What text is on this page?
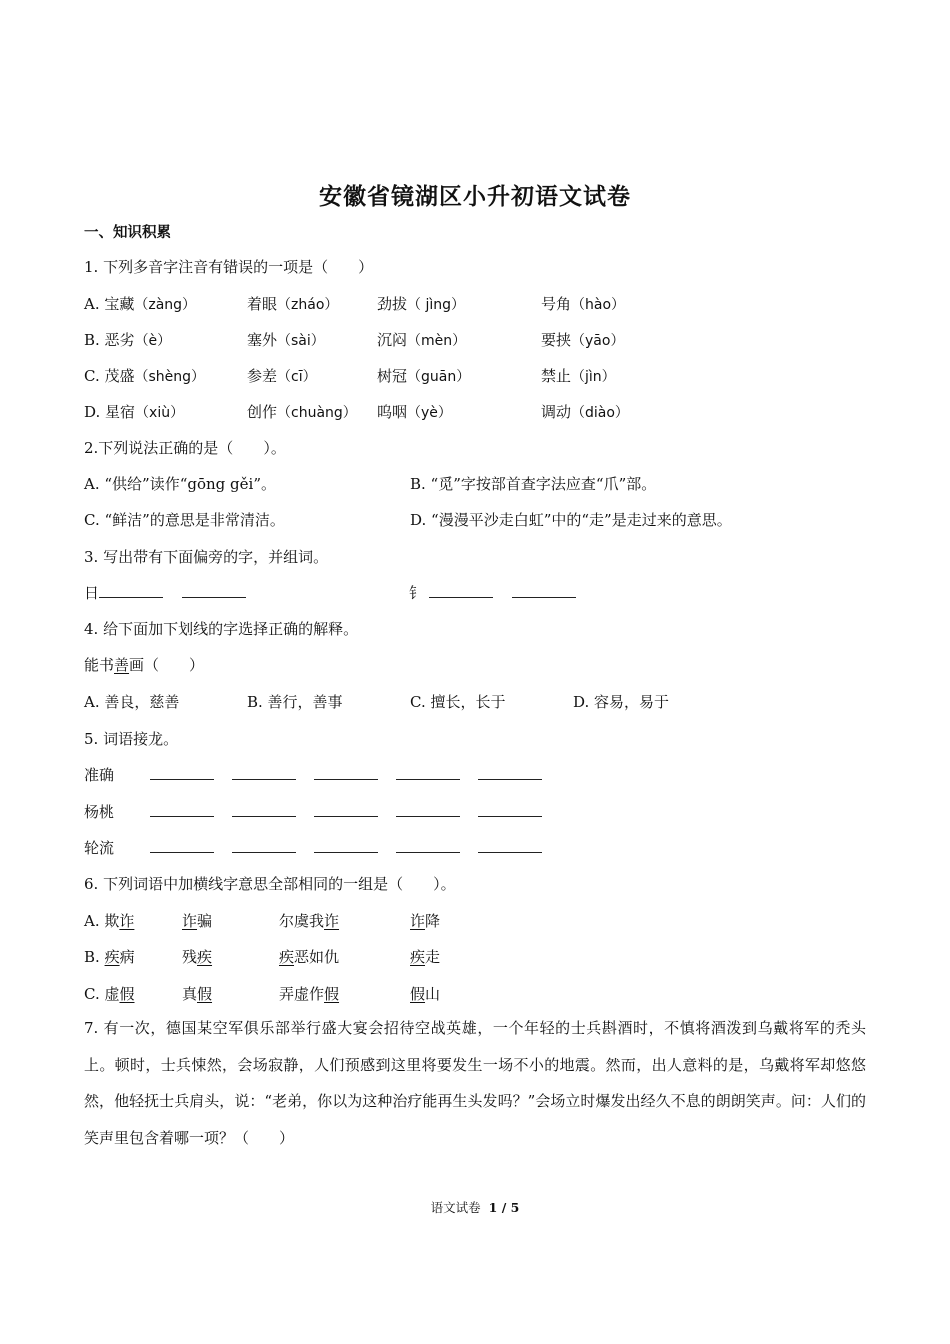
安徽省镜湖区小升初语文试卷
一、知识积累
1. 下列多音字注音有错误的一项是（　　）
A. 宝藏（zàng）	着眼（zháo）	劲拔（ jìng）	号角（hào）
B. 恶劣（è）	塞外（sài）	沉闷（mèn）	要挟（yāo）
C. 茂盛（shèng）	参差（cī）	树冠（guān）	禁止（jìn）
D. 星宿（xiù）	创作（chuàng） 呜咽（yè）	调动（diào）
2.下列说法正确的是（　　）。
A. “供给”读作“gōng gěi”。	B. “觅”字按部首查字法应查“爪”部。
C. “鲜洁”的意思是非常清洁。	D. “漫漫平沙走白虹”中的“走”是走过来的意思。
3. 写出带有下面偏旁的字，并组词。
日	钅
4. 给下面加下划线的字选择正确的解释。
能书善画（　　）
A. 善良，慈善	B. 善行，善事	C. 擅长，长于	D. 容易，易于
5. 词语接龙。
准确
杨桃
轮流
6. 下列词语中加横线字意思全部相同的一组是（　　）。
A. 欺诈	诈骗	尔虞我诈	诈降
B. 疾病	残疾	疾恶如仇	疾走
C. 虚假	真假	弄虚作假	假山
7. 有一次，德国某空军俱乐部举行盛大宴会招待空战英雄，一个年轻的士兵斟酒时，不慎将酒泼到乌戴将军的秃头上。顿时，士兵悚然，会场寂静，人们预感到这里将要发生一场不小的地震。然而，出人意料的是，乌戴将军却悠悠然，他轻抚士兵肩头，说：“老弟，你以为这种治疗能再生头发吗？”会场立时爆发出经久不息的朗朗笑声。问：人们的笑声里包含着哪一项？（　　）
语文试卷 1 / 5
